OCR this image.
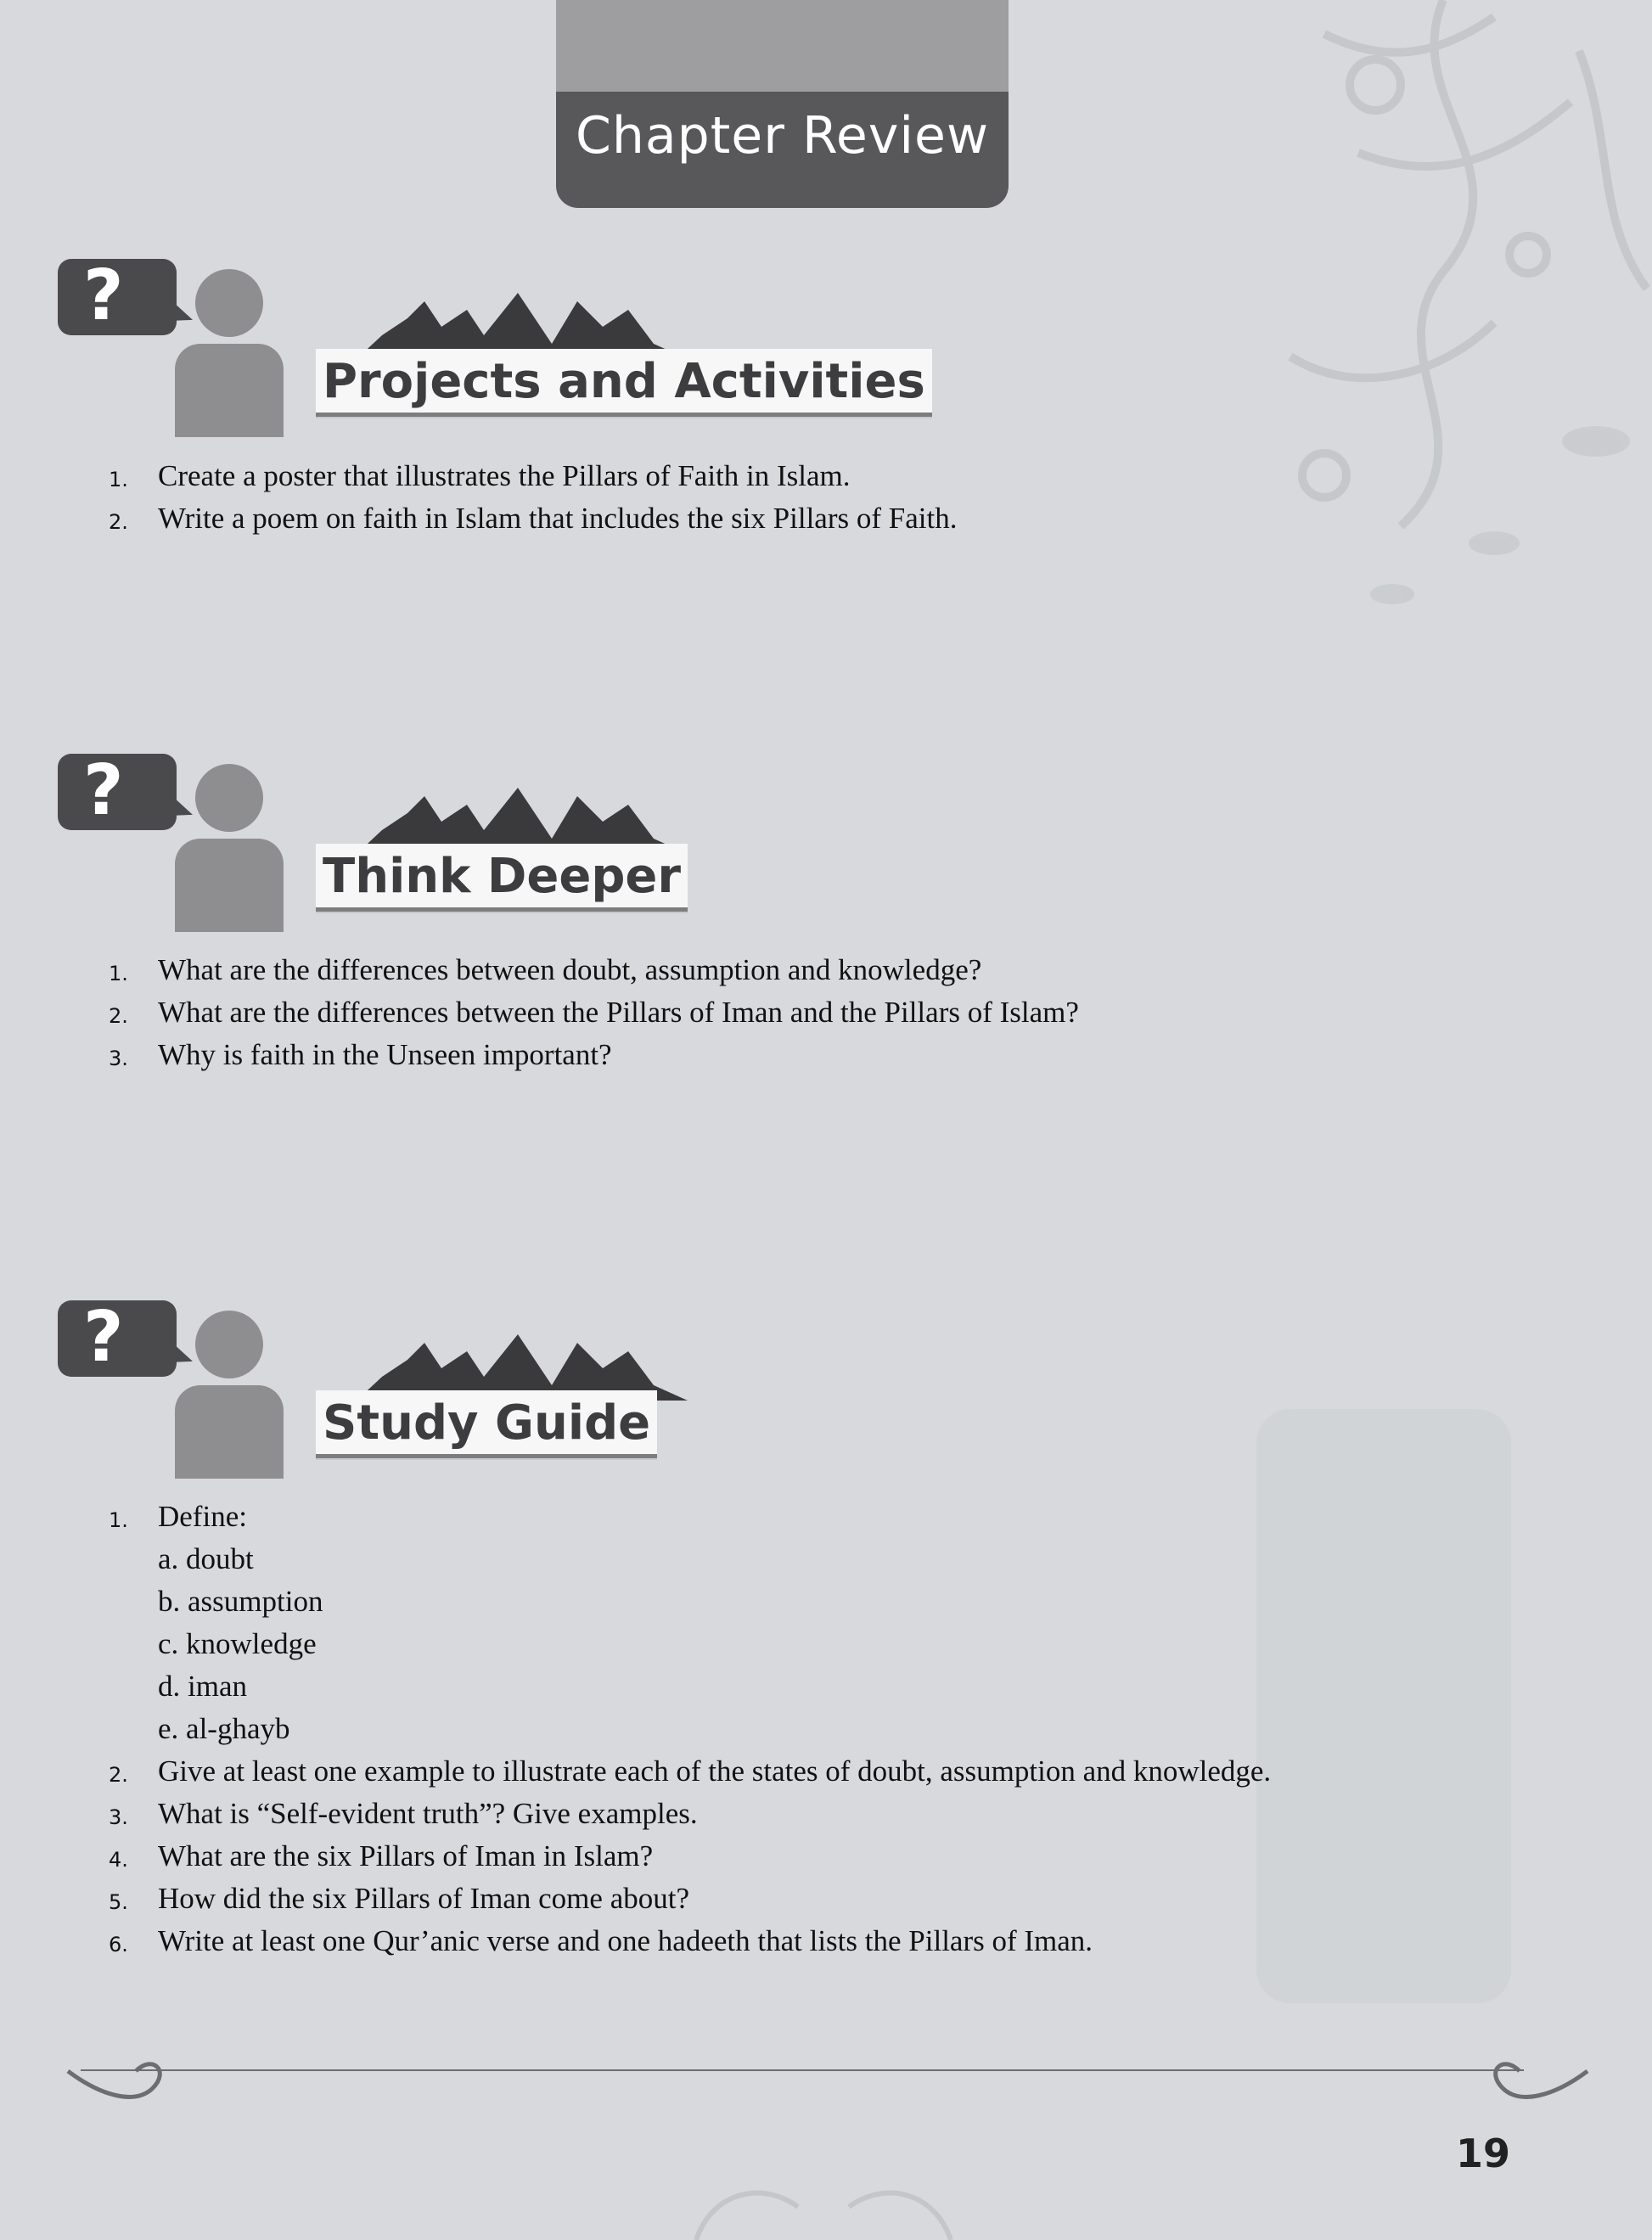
Chapter Review
?
Projects and Activities
1. Create a poster that illustrates the Pillars of Faith in Islam.
2. Write a poem on faith in Islam that includes the six Pillars of Faith.
?
Think Deeper
1. What are the differences between doubt, assumption and knowledge?
2. What are the differences between the Pillars of Iman and the Pillars of Islam?
3. Why is faith in the Unseen important?
?
Study Guide
1. Define:
a. doubt
b. assumption
c. knowledge
d. iman
e. al-ghayb
2. Give at least one example to illustrate each of the states of doubt, assumption and knowledge.
3. What is “Self-evident truth”? Give examples.
4. What are the six Pillars of Iman in Islam?
5. How did the six Pillars of Iman come about?
6. Write at least one Qur’anic verse and one hadeeth that lists the Pillars of Iman.
19
